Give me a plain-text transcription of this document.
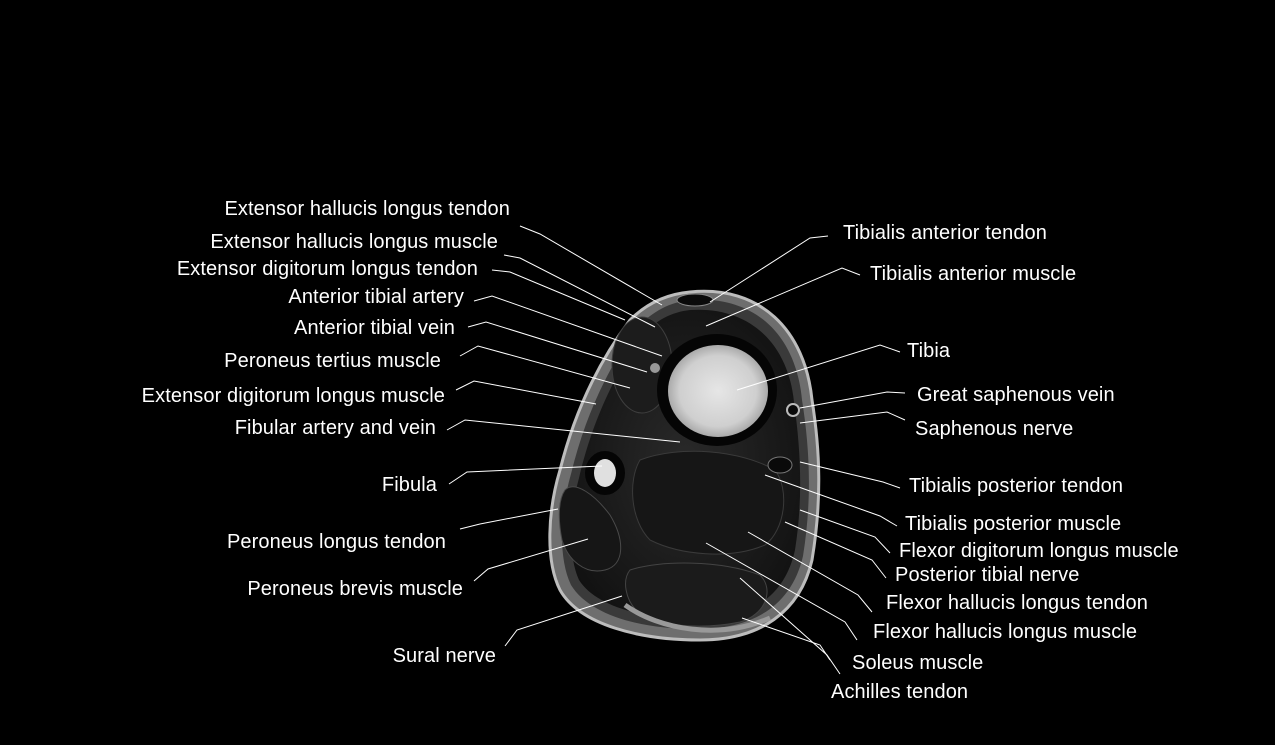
Extensor hallucis longus tendon
Extensor hallucis longus muscle
Extensor digitorum longus tendon
Anterior tibial artery
Anterior tibial vein
Peroneus tertius muscle
Extensor digitorum longus muscle
Fibular artery and vein
Fibula
Peroneus longus tendon
Peroneus brevis muscle
Sural nerve
Tibialis anterior tendon
Tibialis anterior muscle
Tibia
Great saphenous vein
Saphenous nerve
Tibialis posterior tendon
Tibialis posterior muscle
Flexor digitorum longus muscle
Posterior tibial nerve
Flexor hallucis longus tendon
Flexor hallucis longus muscle
Soleus muscle
Achilles tendon
